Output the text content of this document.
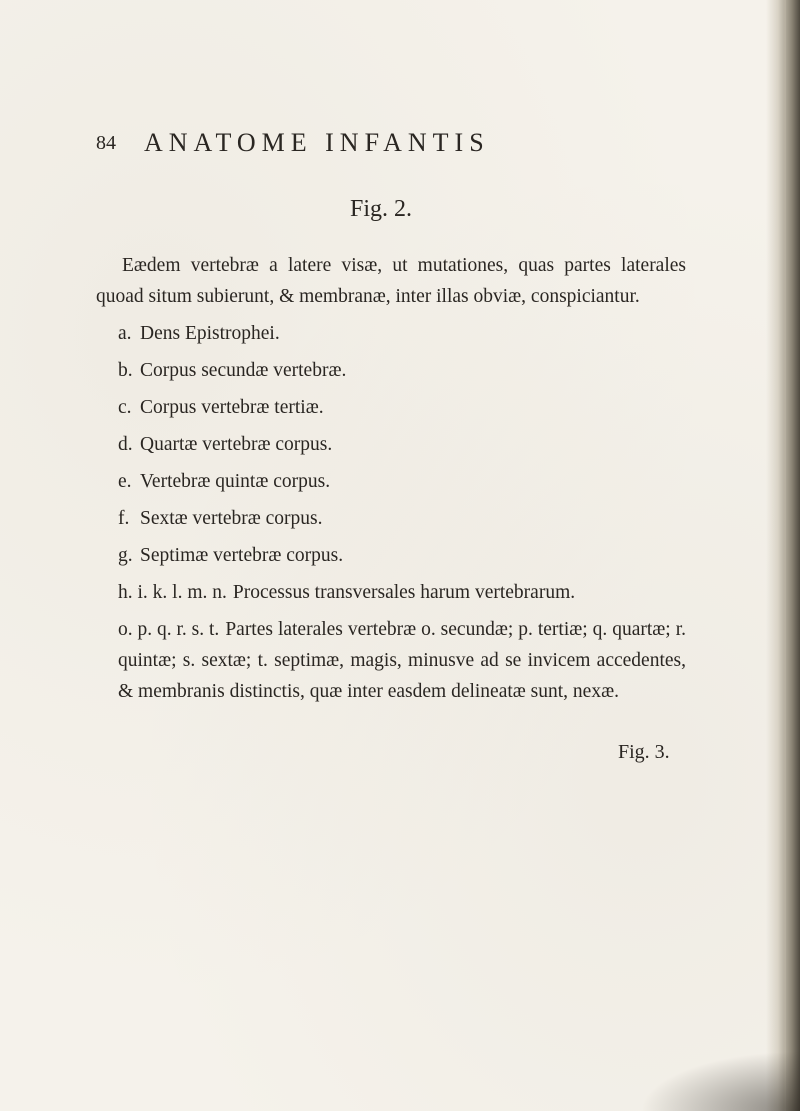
84 ANATOME INFANTIS
Fig. 2.

Eædem vertebræ a latere visæ, ut mutationes, quas partes laterales quoad situm subierunt, & membranæ, inter illas obviæ, conspiciantur.

a. Dens Epistrophei.
b. Corpus secundæ vertebræ.
c. Corpus vertebræ tertiæ.
d. Quartæ vertebræ corpus.
e. Vertebræ quintæ corpus.
f. Sextæ vertebræ corpus.
g. Septimæ vertebræ corpus.
h. i. k. l. m. n. Processus transversales harum vertebrarum.
o. p. q. r. s. t. Partes laterales vertebræ o. secundæ; p. tertiæ; q. quartæ; r. quintæ; s. sextæ; t. septimæ, magis, minusve ad se invicem accedentes, & membranis distinctis, quæ inter easdem delineatæ sunt, nexæ.
Fig. 3.
